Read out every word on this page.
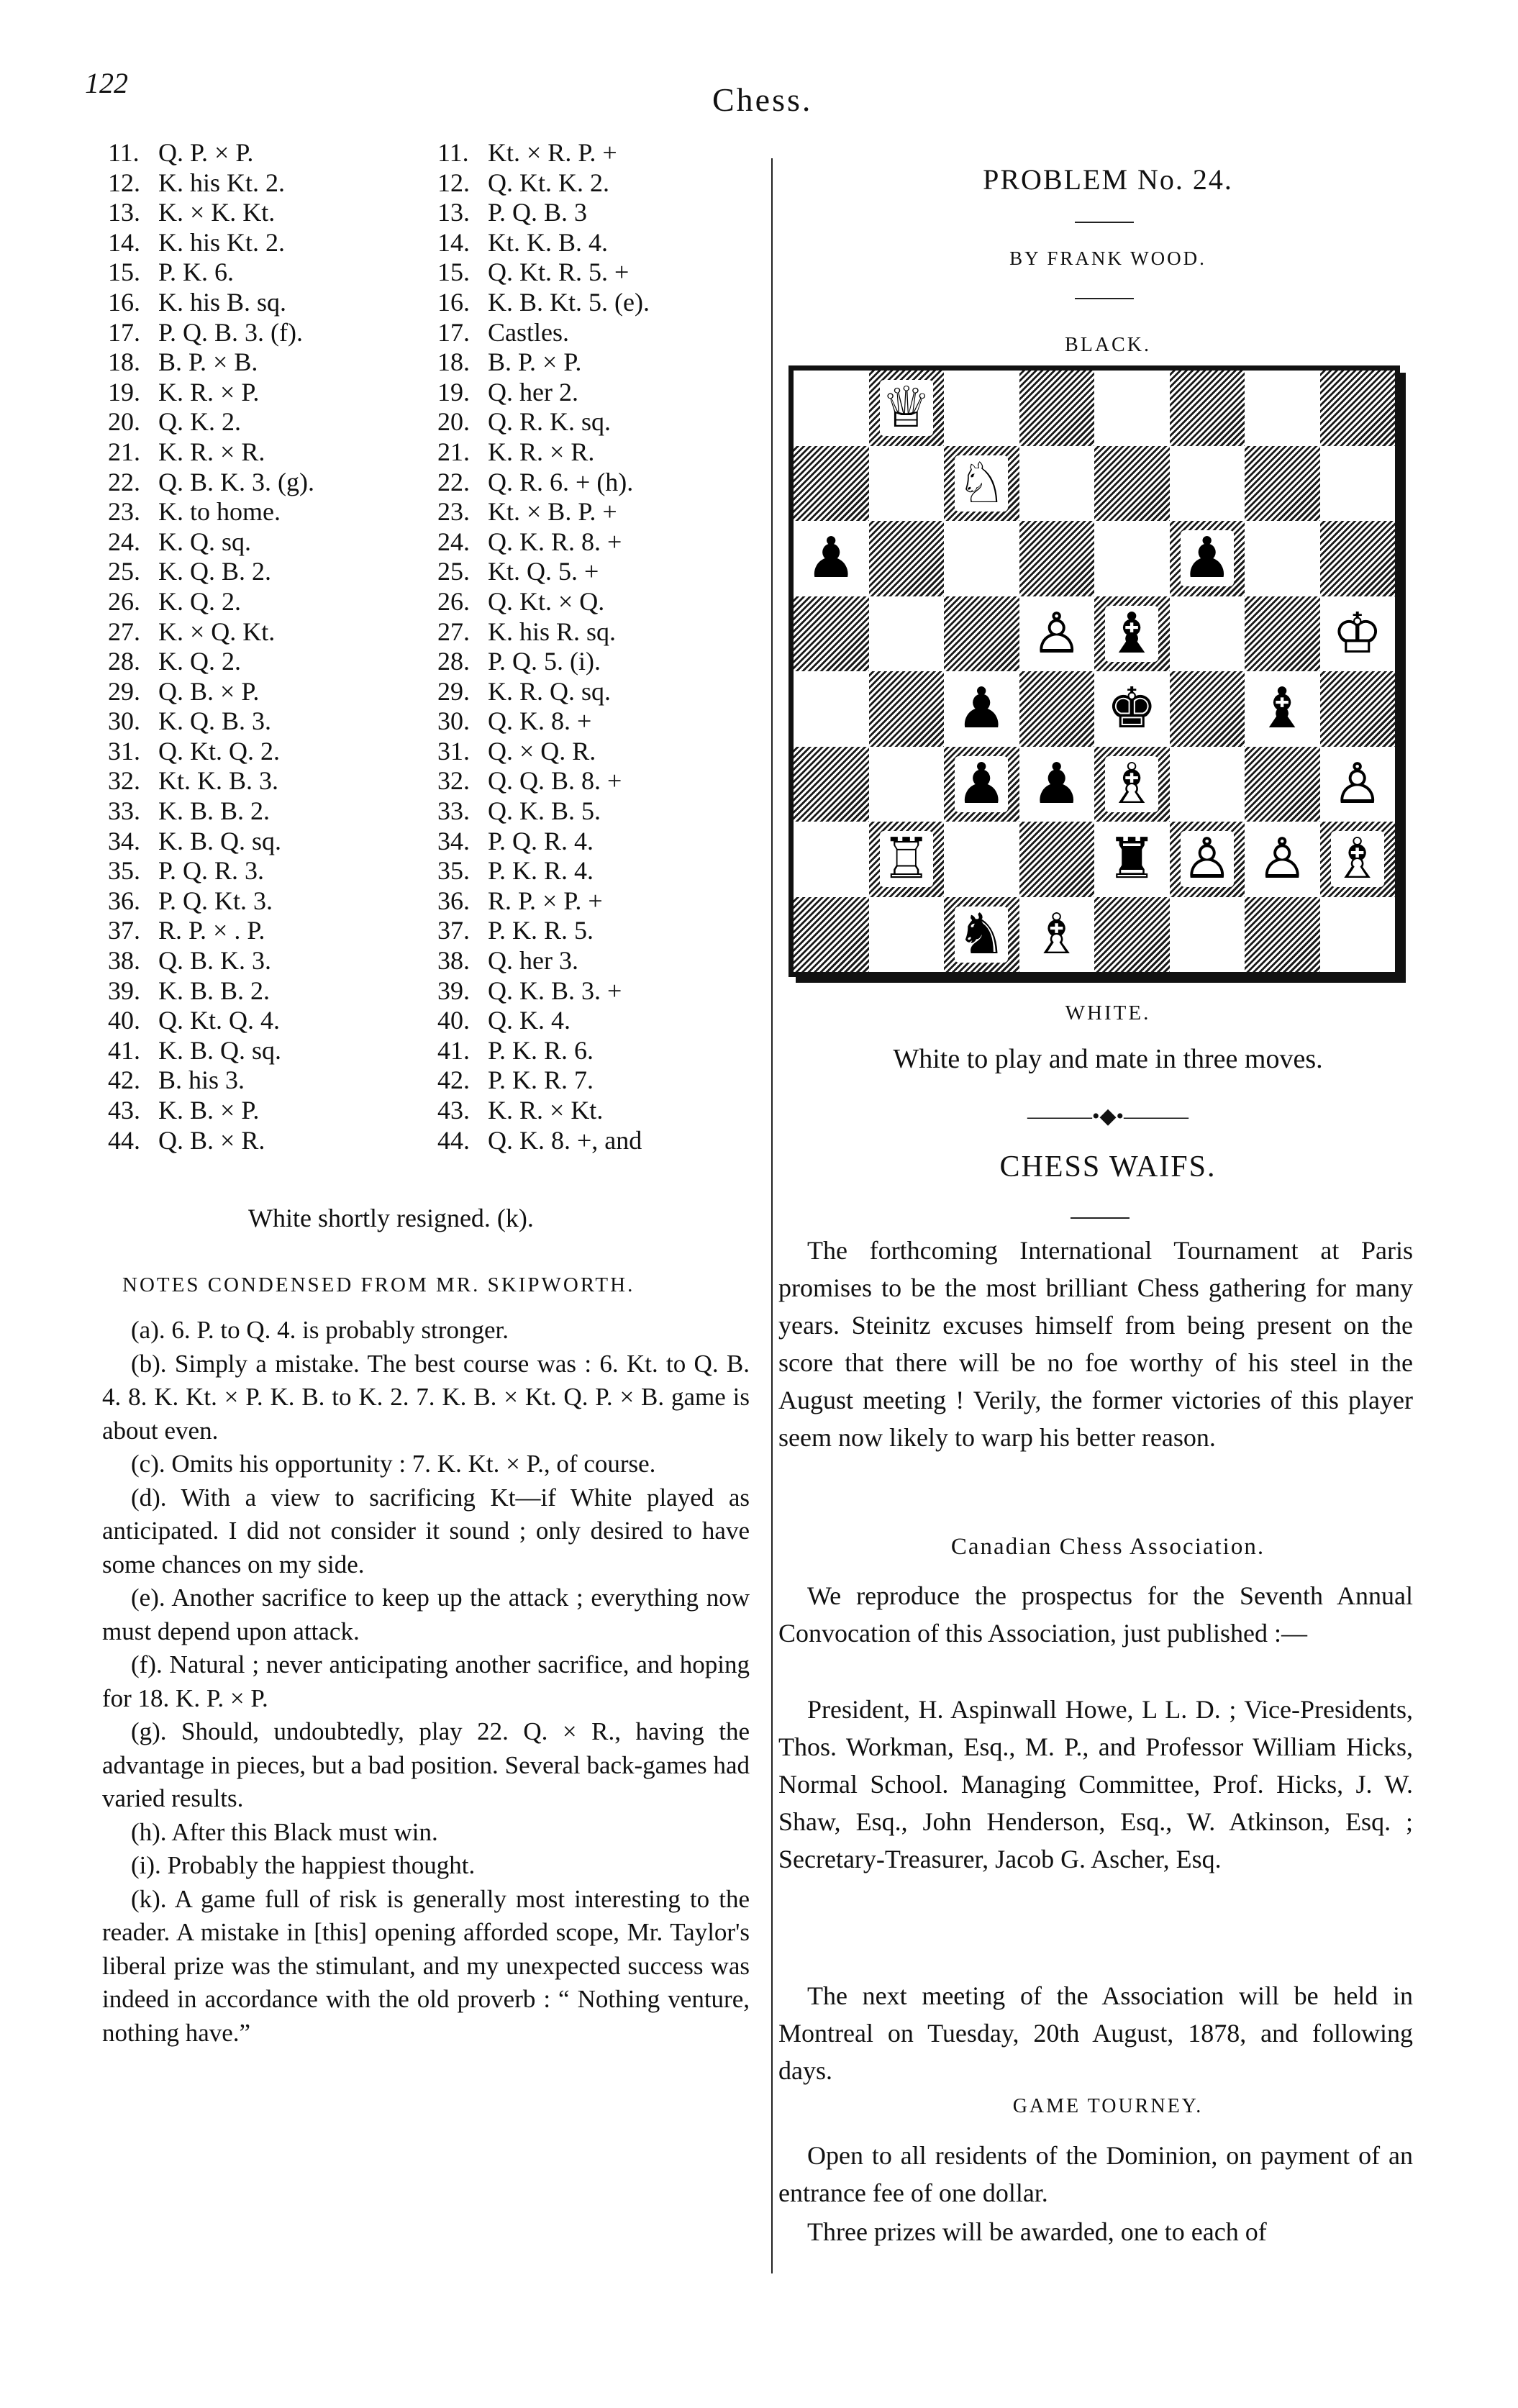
122	Chess.
11. Q. P. × P.
12. K. his Kt. 2.
13. K. × K. Kt.
14. K. his Kt. 2.
15. P. K. 6.
16. K. his B. sq.
17. P. Q. B. 3. (f).
18. B. P. × B.
19. K. R. × P.
20. Q. K. 2.
21. K. R. × R.
22. Q. B. K. 3. (g).
23. K. to home.
24. K. Q. sq.
25. K. Q. B. 2.
26. K. Q. 2.
27. K. × Q. Kt.
28. K. Q. 2.
29. Q. B. × P.
30. K. Q. B. 3.
31. Q. Kt. Q. 2.
32. Kt. K. B. 3.
33. K. B. B. 2.
34. K. B. Q. sq.
35. P. Q. R. 3.
36. P. Q. Kt. 3.
37. R. P. × . P.
38. Q. B. K. 3.
39. K. B. B. 2.
40. Q. Kt. Q. 4.
41. K. B. Q. sq.
42. B. his 3.
43. K. B. × P.
44. Q. B. × R.
11. Kt. × R. P. +
12. Q. Kt. K. 2.
13. P. Q. B. 3
14. Kt. K. B. 4.
15. Q. Kt. R. 5. +
16. K. B. Kt. 5. (e).
17. Castles.
18. B. P. × P.
19. Q. her 2.
20. Q. R. K. sq.
21. K. R. × R.
22. Q. R. 6. + (h).
23. Kt. × B. P. +
24. Q. K. R. 8. +
25. Kt. Q. 5. +
26. Q. Kt. × Q.
27. K. his R. sq.
28. P. Q. 5. (i).
29. K. R. Q. sq.
30. Q. K. 8. +
31. Q. × Q. R.
32. Q. Q. B. 8. +
33. Q. K. B. 5.
34. P. Q. R. 4.
35. P. K. R. 4.
36. R. P. × P. +
37. P. K. R. 5.
38. Q. her 3.
39. Q. K. B. 3. +
40. Q. K. 4.
41. P. K. R. 6.
42. P. K. R. 7.
43. K. R. × Kt.
44. Q. K. 8. +, and
White shortly resigned. (k).
NOTES CONDENSED FROM MR. SKIPWORTH.

(a). 6. P. to Q. 4. is probably stronger.

(b). Simply a mistake. The best course was : 6. Kt. to Q. B. 4. 8. K. Kt. × P. K. B. to K. 2. 7. K. B. × Kt. Q. P. × B. game is about even.

(c). Omits his opportunity : 7. K. Kt. × P., of course.

(d). With a view to sacrificing Kt—if White played as anticipated. I did not consider it sound ; only desired to have some chances on my side.

(e). Another sacrifice to keep up the attack ; everything now must depend upon attack.

(f). Natural ; never anticipating another sacrifice, and hoping for 18. K. P. × P.

(g). Should, undoubtedly, play 22. Q. × R., having the advantage in pieces, but a bad position. Several back-games had varied results.

(h). After this Black must win.

(i). Probably the happiest thought.

(k). A game full of risk is generally most interesting to the reader. A mistake in [this] opening afforded scope, Mr. Taylor's liberal prize was the stimulant, and my unexpected success was indeed in accordance with the old proverb : “ Nothing venture, nothing have.”

PROBLEM No. 24.
BY FRANK WOOD.
BLACK.
♕
♘
♟	♟
♙ ♝	♔
♟ ♚ ♝
♟ ♟ ♗	♙
♖	♜ ♙ ♙ ♗
♞ ♗
WHITE.
White to play and mate in three moves.
———•◆•———
CHESS WAIFS.

The forthcoming International Tournament at Paris promises to be the most brilliant Chess gathering for many years. Steinitz excuses himself from being present on the score that there will be no foe worthy of his steel in the August meeting ! Verily, the former victories of this player seem now likely to warp his better reason.

Canadian Chess Association.

We reproduce the prospectus for the Seventh Annual Convocation of this Association, just published :—

President, H. Aspinwall Howe, L L. D. ; Vice-Presidents, Thos. Workman, Esq., M. P., and Professor William Hicks, Normal School. Managing Committee, Prof. Hicks, J. W. Shaw, Esq., John Henderson, Esq., W. Atkinson, Esq. ; Secretary-Treasurer, Jacob G. Ascher, Esq.

The next meeting of the Association will be held in Montreal on Tuesday, 20th August, 1878, and following days.

GAME TOURNEY.

Open to all residents of the Dominion, on payment of an entrance fee of one dollar.

Three prizes will be awarded, one to each of
